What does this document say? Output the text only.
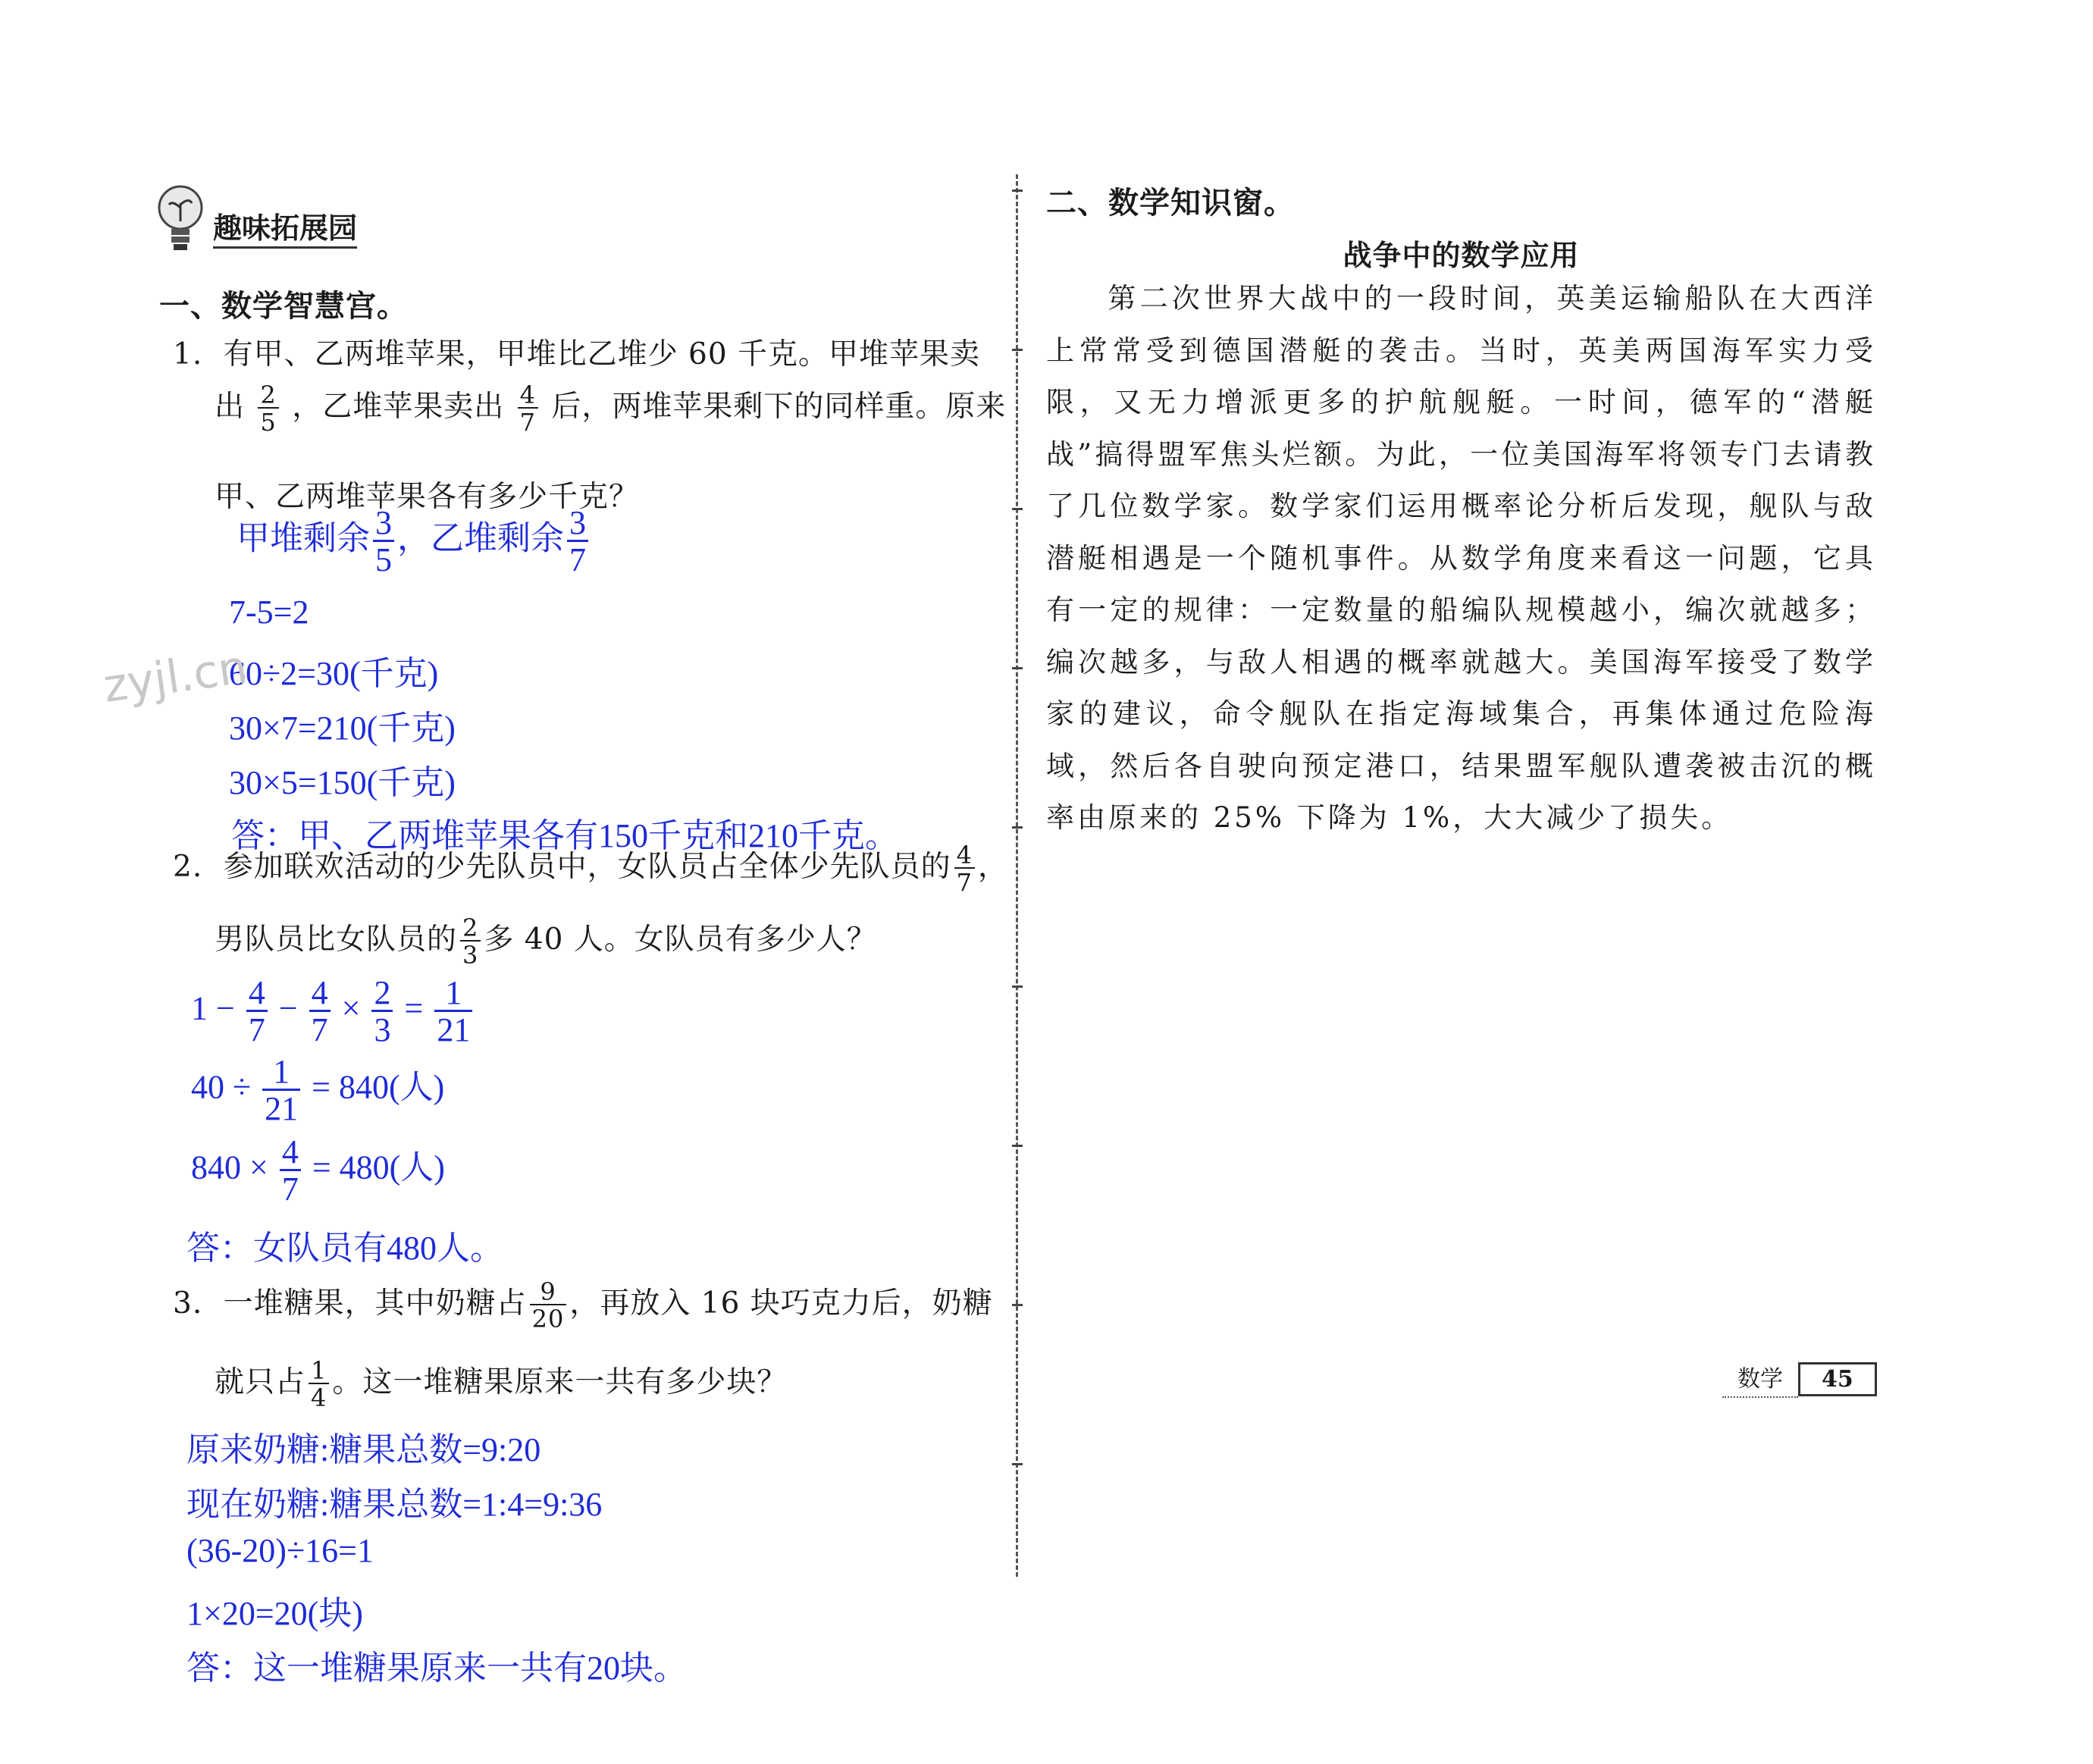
趣味拓展园
一、数学智慧宫。
1. 有甲、乙两堆苹果，甲堆比乙堆少 60 千克。甲堆苹果卖
出 $\frac{2}{5}$ ，乙堆苹果卖出 $\frac{4}{7}$ 后，两堆苹果剩下的同样重。原来
甲、乙两堆苹果各有多少千克？
甲堆剩余 $\frac{3}{5}$ ，乙堆剩余 $\frac{3}{7}$
7-5=2
60÷2=30(千克)
30×7=210(千克)
30×5=150(千克)
答：甲、乙两堆苹果各有150千克和210千克。
2. 参加联欢活动的少先队员中，女队员占全体少先队员的 $\frac{4}{7}$ ，
男队员比女队员的 $\frac{2}{3}$ 多 40 人。女队员有多少人？
$1 - \frac{4}{7} - \frac{4}{7} \times \frac{2}{3} = \frac{1}{21}$
$40 \div \frac{1}{21} = 840$(人)
$840 \times \frac{4}{7} = 480$(人)
答：女队员有480人。
3. 一堆糖果，其中奶糖占 $\frac{9}{20}$ ，再放入 16 块巧克力后，奶糖
就只占 $\frac{1}{4}$ 。这一堆糖果原来一共有多少块？
原来奶糖:糖果总数=9:20
现在奶糖:糖果总数=1:4=9:36
(36-20)÷16=1
1×20=20(块)
答：这一堆糖果原来一共有20块。
zyjl.cn
二、数学知识窗。
战争中的数学应用
第二次世界大战中的一段时间，英美运输船队在大西洋上常常受到德国潜艇的袭击。当时，英美两国海军实力受限，又无力增派更多的护航舰艇。一时间，德军的“潜艇战”搞得盟军焦头烂额。为此，一位美国海军将领专门去请教了几位数学家。数学家们运用概率论分析后发现，舰队与敌潜艇相遇是一个随机事件。从数学角度来看这一问题，它具有一定的规律：一定数量的船编队规模越小，编次就越多；编次越多，与敌人相遇的概率就越大。美国海军接受了数学家的建议，命令舰队在指定海域集合，再集体通过危险海域，然后各自驶向预定港口，结果盟军舰队遭袭被击沉的概率由原来的 25% 下降为 1%，大大减少了损失。
数学	45
